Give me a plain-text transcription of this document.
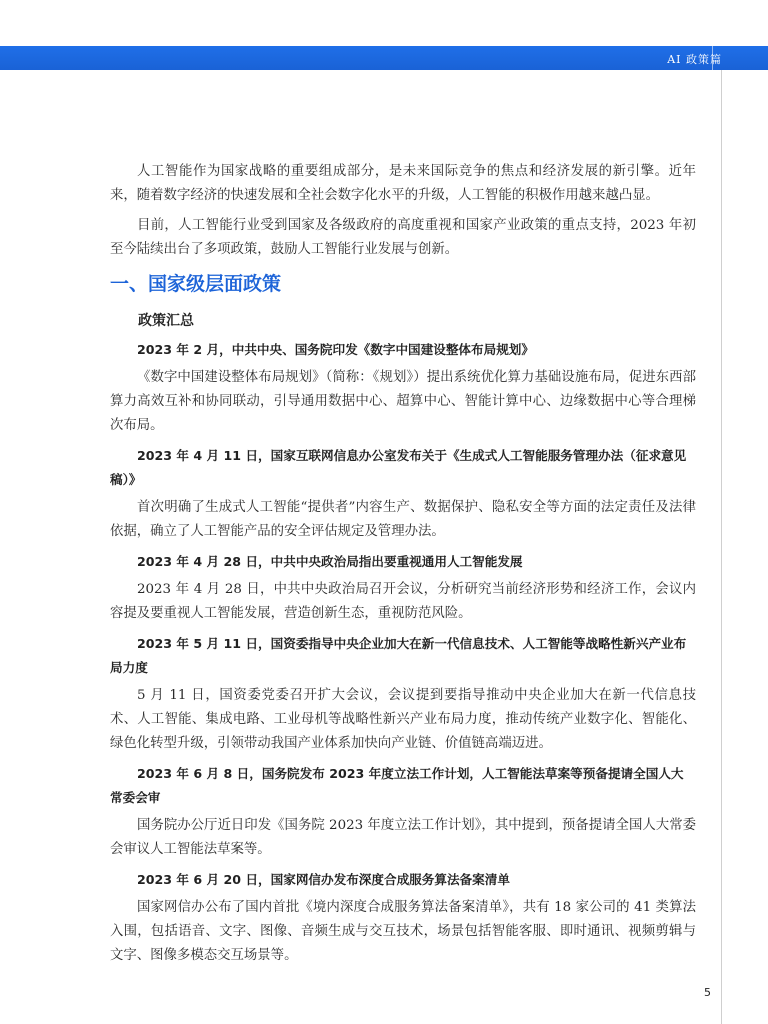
AI 政策篇

人工智能作为国家战略的重要组成部分，是未来国际竞争的焦点和经济发展的新引擎。近年来，随着数字经济的快速发展和全社会数字化水平的升级，人工智能的积极作用越来越凸显。

目前，人工智能行业受到国家及各级政府的高度重视和国家产业政策的重点支持，2023 年初至今陆续出台了多项政策，鼓励人工智能行业发展与创新。

一、国家级层面政策
政策汇总
2023 年 2 月，中共中央、国务院印发《数字中国建设整体布局规划》

《数字中国建设整体布局规划》（简称：《规划》）提出系统优化算力基础设施布局，促进东西部算力高效互补和协同联动，引导通用数据中心、超算中心、智能计算中心、边缘数据中心等合理梯次布局。

2023 年 4 月 11 日，国家互联网信息办公室发布关于《生成式人工智能服务管理办法（征求意见稿）》

首次明确了生成式人工智能“提供者”内容生产、数据保护、隐私安全等方面的法定责任及法律依据，确立了人工智能产品的安全评估规定及管理办法。

2023 年 4 月 28 日，中共中央政治局指出要重视通用人工智能发展

2023 年 4 月 28 日，中共中央政治局召开会议，分析研究当前经济形势和经济工作，会议内容提及要重视人工智能发展，营造创新生态，重视防范风险。

2023 年 5 月 11 日，国资委指导中央企业加大在新一代信息技术、人工智能等战略性新兴产业布局力度

5 月 11 日，国资委党委召开扩大会议，会议提到要指导推动中央企业加大在新一代信息技术、人工智能、集成电路、工业母机等战略性新兴产业布局力度，推动传统产业数字化、智能化、绿色化转型升级，引领带动我国产业体系加快向产业链、价值链高端迈进。

2023 年 6 月 8 日，国务院发布 2023 年度立法工作计划，人工智能法草案等预备提请全国人大常委会审

国务院办公厅近日印发《国务院 2023 年度立法工作计划》，其中提到，预备提请全国人大常委会审议人工智能法草案等。

2023 年 6 月 20 日，国家网信办发布深度合成服务算法备案清单

国家网信办公布了国内首批《境内深度合成服务算法备案清单》，共有 18 家公司的 41 类算法入围，包括语音、文字、图像、音频生成与交互技术，场景包括智能客服、即时通讯、视频剪辑与文字、图像多模态交互场景等。

5
